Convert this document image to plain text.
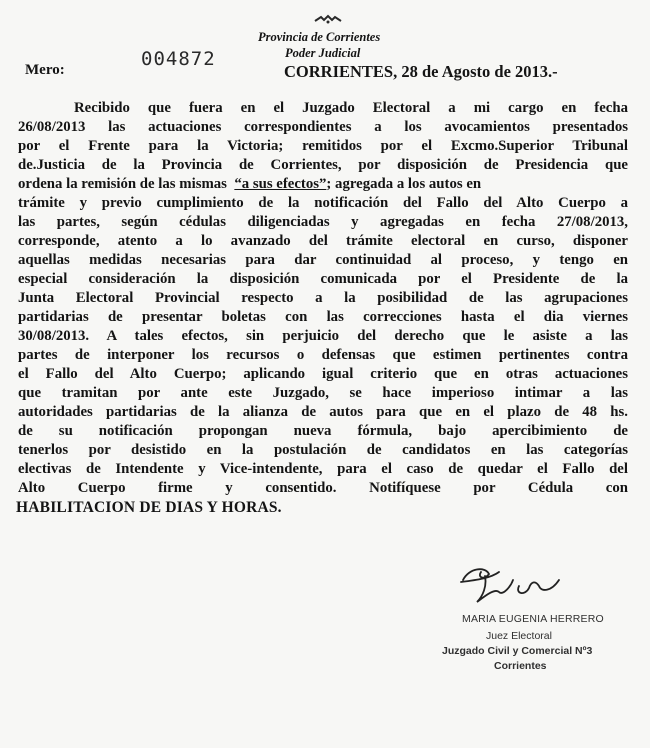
Provincia de Corrientes
Poder Judicial
Mero:	004872
CORRIENTES, 28 de Agosto de 2013.-
Recibido que fuera en el Juzgado Electoral a mi cargo en fecha
26/08/2013 las actuaciones correspondientes a los avocamientos presentados
por el Frente para la Victoria; remitidos por el Excmo.Superior Tribunal
de.Justicia de la Provincia de Corrientes, por disposición de Presidencia que
ordena la remisión de las mismas “a sus efectos”; agregada a los autos en
trámite y previo cumplimiento de la notificación del Fallo del Alto Cuerpo a
las partes, según cédulas diligenciadas y agregadas en fecha 27/08/2013,
corresponde, atento a lo avanzado del trámite electoral en curso, disponer
aquellas medidas necesarias para dar continuidad al proceso, y tengo en
especial consideración la disposición comunicada por el Presidente de la
Junta Electoral Provincial respecto a la posibilidad de las agrupaciones
partidarias de presentar boletas con las correcciones hasta el dia viernes
30/08/2013. A tales efectos, sin perjuicio del derecho que le asiste a las
partes de interponer los recursos o defensas que estimen pertinentes contra
el Fallo del Alto Cuerpo; aplicando igual criterio que en otras actuaciones
que tramitan por ante este Juzgado, se hace imperioso intimar a las
autoridades partidarias de la alianza de autos para que en el plazo de 48 hs.
de su notificación propongan nueva fórmula, bajo apercibimiento de
tenerlos por desistido en la postulación de candidatos en las categorías
electivas de Intendente y Vice-intendente, para el caso de quedar el Fallo del
Alto Cuerpo firme y consentido. Notifíquese por Cédula con
HABILITACION DE DIAS Y HORAS.
MARIA EUGENIA HERRERO
Juez Electoral
Juzgado Civil y Comercial Nº3
Corrientes
